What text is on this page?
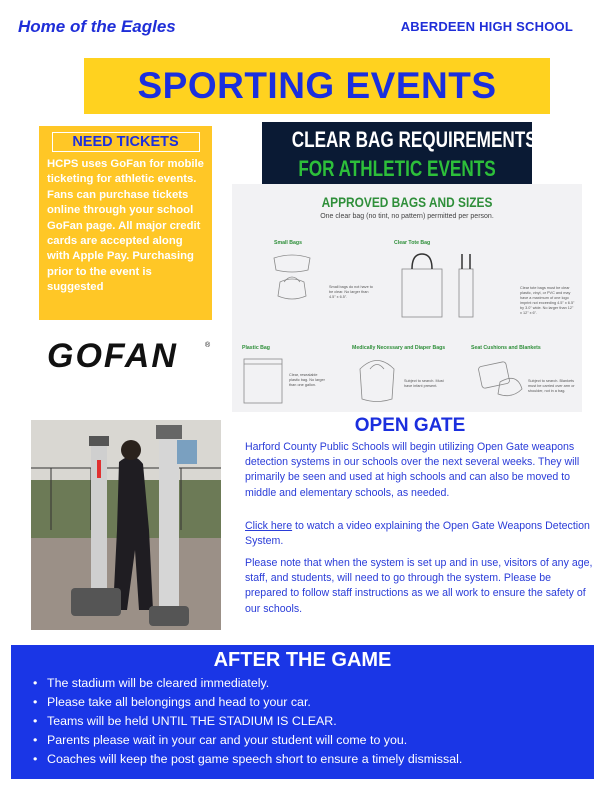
Home of the Eagles	ABERDEEN HIGH SCHOOL
SPORTING EVENTS
NEED TICKETS
HCPS uses GoFan for mobile ticketing for athletic events. Fans can purchase tickets online through your school GoFan page. All major credit cards are accepted along with Apple Pay. Purchasing prior to the event is suggested
GOFAN	®
CLEAR BAG REQUIREMENTS
FOR ATHLETIC EVENTS
APPROVED BAGS AND SIZES
One clear bag (no tint, no pattern) permitted per person.
Small Bags
Small bags do not have to be clear. No larger than 4.5" x 6.5".
Clear Tote Bag
Clear tote bags must be clear plastic, vinyl, or PVC and may have a maximum of one logo imprint not exceeding 4.5" x 6.5" by 3.0" wide. No larger than 12" x 12" x 6".
Plastic Bag
Clear, resealable plastic bag. No larger than one gallon.
Medically Necessary and Diaper Bags
Subject to search. Must have infant present.
Seat Cushions and Blankets
Subject to search. Blankets must be carried over arm or shoulder, not in a bag.
OPEN GATE
Harford County Public Schools will begin utilizing Open Gate weapons detection systems in our schools over the next several weeks. They will primarily be seen and used at high schools and can also be moved to middle and elementary schools, as needed.
Click here to watch a video explaining the Open Gate Weapons Detection System.
Please note that when the system is set up and in use, visitors of any age, staff, and students, will need to go through the system. Please be prepared to follow staff instructions as we all work to ensure the safety of our schools.
AFTER THE GAME
• The stadium will be cleared immediately.
• Please take all belongings and head to your car.
• Teams will be held UNTIL THE STADIUM IS CLEAR.
• Parents please wait in your car and your student will come to you.
• Coaches will keep the post game speech short to ensure a timely dismissal.
